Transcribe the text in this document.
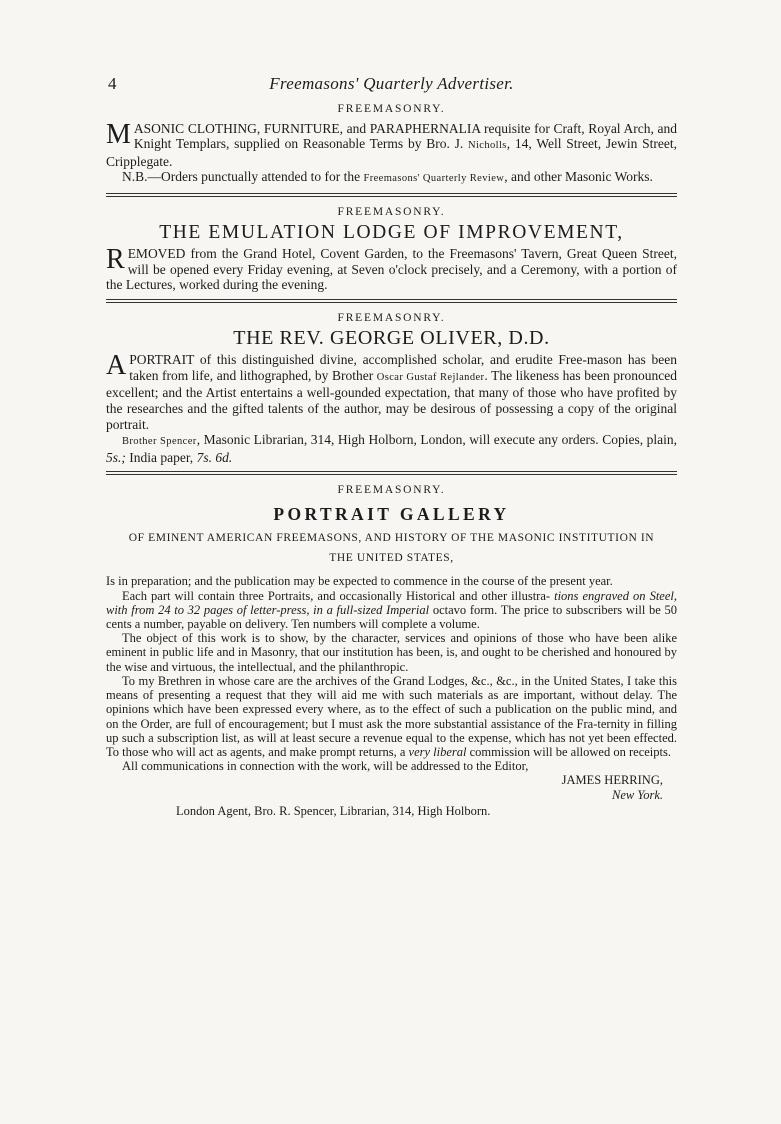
4	Freemasons' Quarterly Advertiser.
FREEMASONRY.

MASONIC CLOTHING, FURNITURE, and PARAPHERNALIA requisite for Craft, Royal Arch, and Knight Templars, supplied on Reasonable Terms by Bro. J. Nicholls, 14, Well Street, Jewin Street, Cripplegate.

N.B.—Orders punctually attended to for the Freemasons' Quarterly Review, and other Masonic Works.

FREEMASONRY.
THE EMULATION LODGE OF IMPROVEMENT,

REMOVED from the Grand Hotel, Covent Garden, to the Freemasons' Tavern, Great Queen Street, will be opened every Friday evening, at Seven o'clock precisely, and a Ceremony, with a portion of the Lectures, worked during the evening.

FREEMASONRY.
THE REV. GEORGE OLIVER, D.D.

APORTRAIT of this distinguished divine, accomplished scholar, and erudite Free-mason has been taken from life, and lithographed, by Brother Oscar Gustaf Rejlander. The likeness has been pronounced excellent; and the Artist entertains a well-gounded expectation, that many of those who have profited by the researches and the gifted talents of the author, may be desirous of possessing a copy of the original portrait.

Brother Spencer, Masonic Librarian, 314, High Holborn, London, will execute any orders. Copies, plain, 5s.; India paper, 7s. 6d.

FREEMASONRY.
PORTRAIT GALLERY
OF EMINENT AMERICAN FREEMASONS, AND HISTORY OF THE MASONIC INSTITUTION IN THE UNITED STATES,

Is in preparation; and the publication may be expected to commence in the course of the present year.

Each part will contain three Portraits, and occasionally Historical and other illustra- tions engraved on Steel, with from 24 to 32 pages of letter-press, in a full-sized Imperial octavo form. The price to subscribers will be 50 cents a number, payable on delivery. Ten numbers will complete a volume.

The object of this work is to show, by the character, services and opinions of those who have been alike eminent in public life and in Masonry, that our institution has been, is, and ought to be cherished and honoured by the wise and virtuous, the intellectual, and the philanthropic.

To my Brethren in whose care are the archives of the Grand Lodges, &c., &c., in the United States, I take this means of presenting a request that they will aid me with such materials as are important, without delay. The opinions which have been expressed every where, as to the effect of such a publication on the public mind, and on the Order, are full of encouragement; but I must ask the more substantial assistance of the Fra-ternity in filling up such a subscription list, as will at least secure a revenue equal to the expense, which has not yet been effected. To those who will act as agents, and make prompt returns, a very liberal commission will be allowed on receipts.

All communications in connection with the work, will be addressed to the Editor,

JAMES HERRING,
New York.
London Agent, Bro. R. Spencer, Librarian, 314, High Holborn.
